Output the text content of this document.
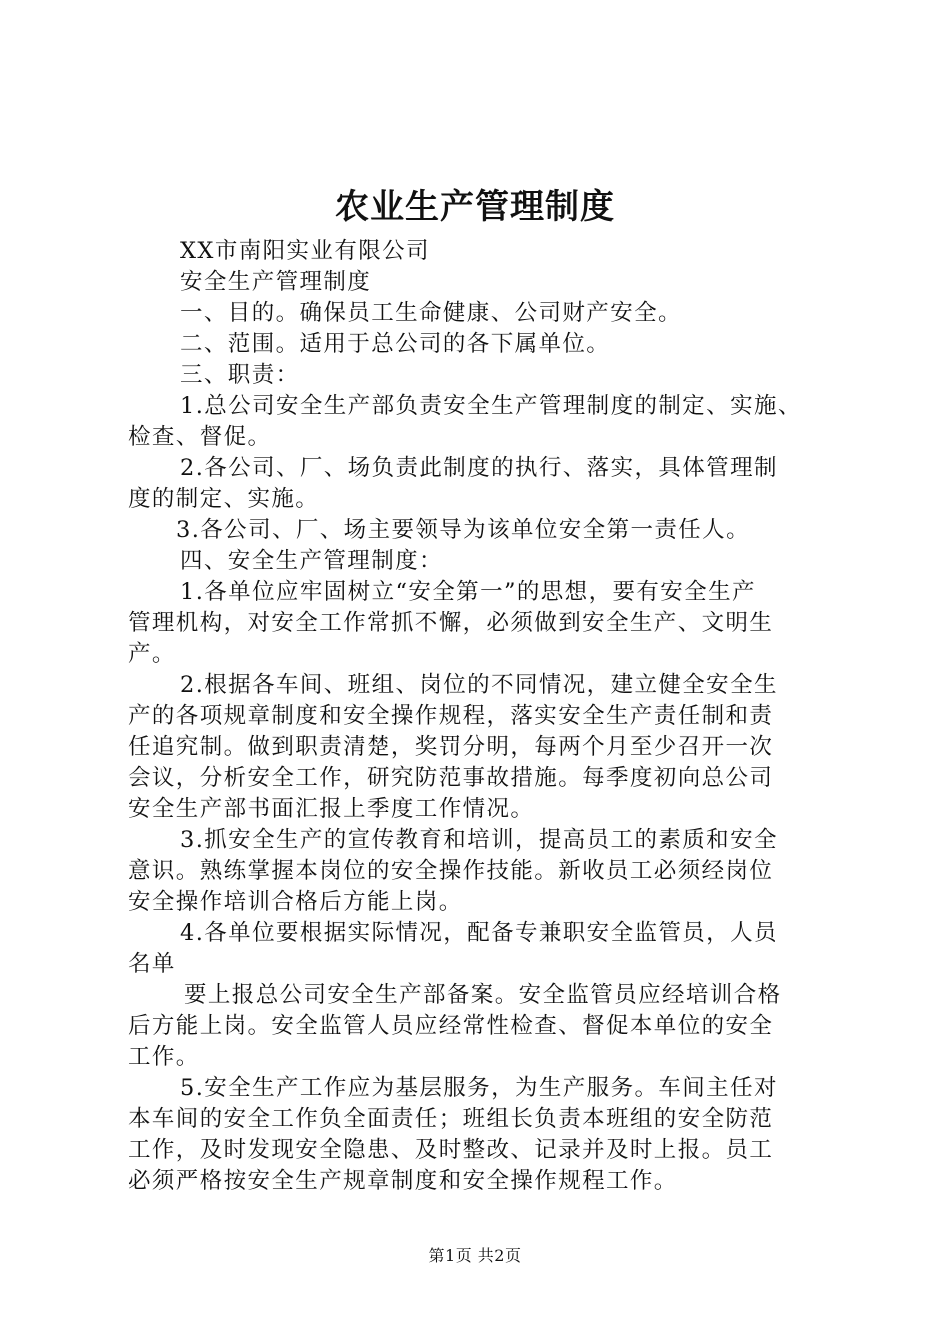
农业生产管理制度
XX市南阳实业有限公司
安全生产管理制度
一、目的。确保员工生命健康、公司财产安全。
二、范围。适用于总公司的各下属单位。
三、职责：
1.总公司安全生产部负责安全生产管理制度的制定、实施、
检查、督促。
2.各公司、厂、场负责此制度的执行、落实，具体管理制
度的制定、实施。
3.各公司、厂、场主要领导为该单位安全第一责任人。
四、安全生产管理制度：
1.各单位应牢固树立“安全第一”的思想，要有安全生产
管理机构，对安全工作常抓不懈，必须做到安全生产、文明生
产。
2.根据各车间、班组、岗位的不同情况，建立健全安全生
产的各项规章制度和安全操作规程，落实安全生产责任制和责
任追究制。做到职责清楚，奖罚分明，每两个月至少召开一次
会议，分析安全工作，研究防范事故措施。每季度初向总公司
安全生产部书面汇报上季度工作情况。
3.抓安全生产的宣传教育和培训，提高员工的素质和安全
意识。熟练掌握本岗位的安全操作技能。新收员工必须经岗位
安全操作培训合格后方能上岗。
4.各单位要根据实际情况，配备专兼职安全监管员，人员
名单
要上报总公司安全生产部备案。安全监管员应经培训合格
后方能上岗。安全监管人员应经常性检查、督促本单位的安全
工作。
5.安全生产工作应为基层服务，为生产服务。车间主任对
本车间的安全工作负全面责任；班组长负责本班组的安全防范
工作，及时发现安全隐患、及时整改、记录并及时上报。员工
必须严格按安全生产规章制度和安全操作规程工作。
第1页 共2页
